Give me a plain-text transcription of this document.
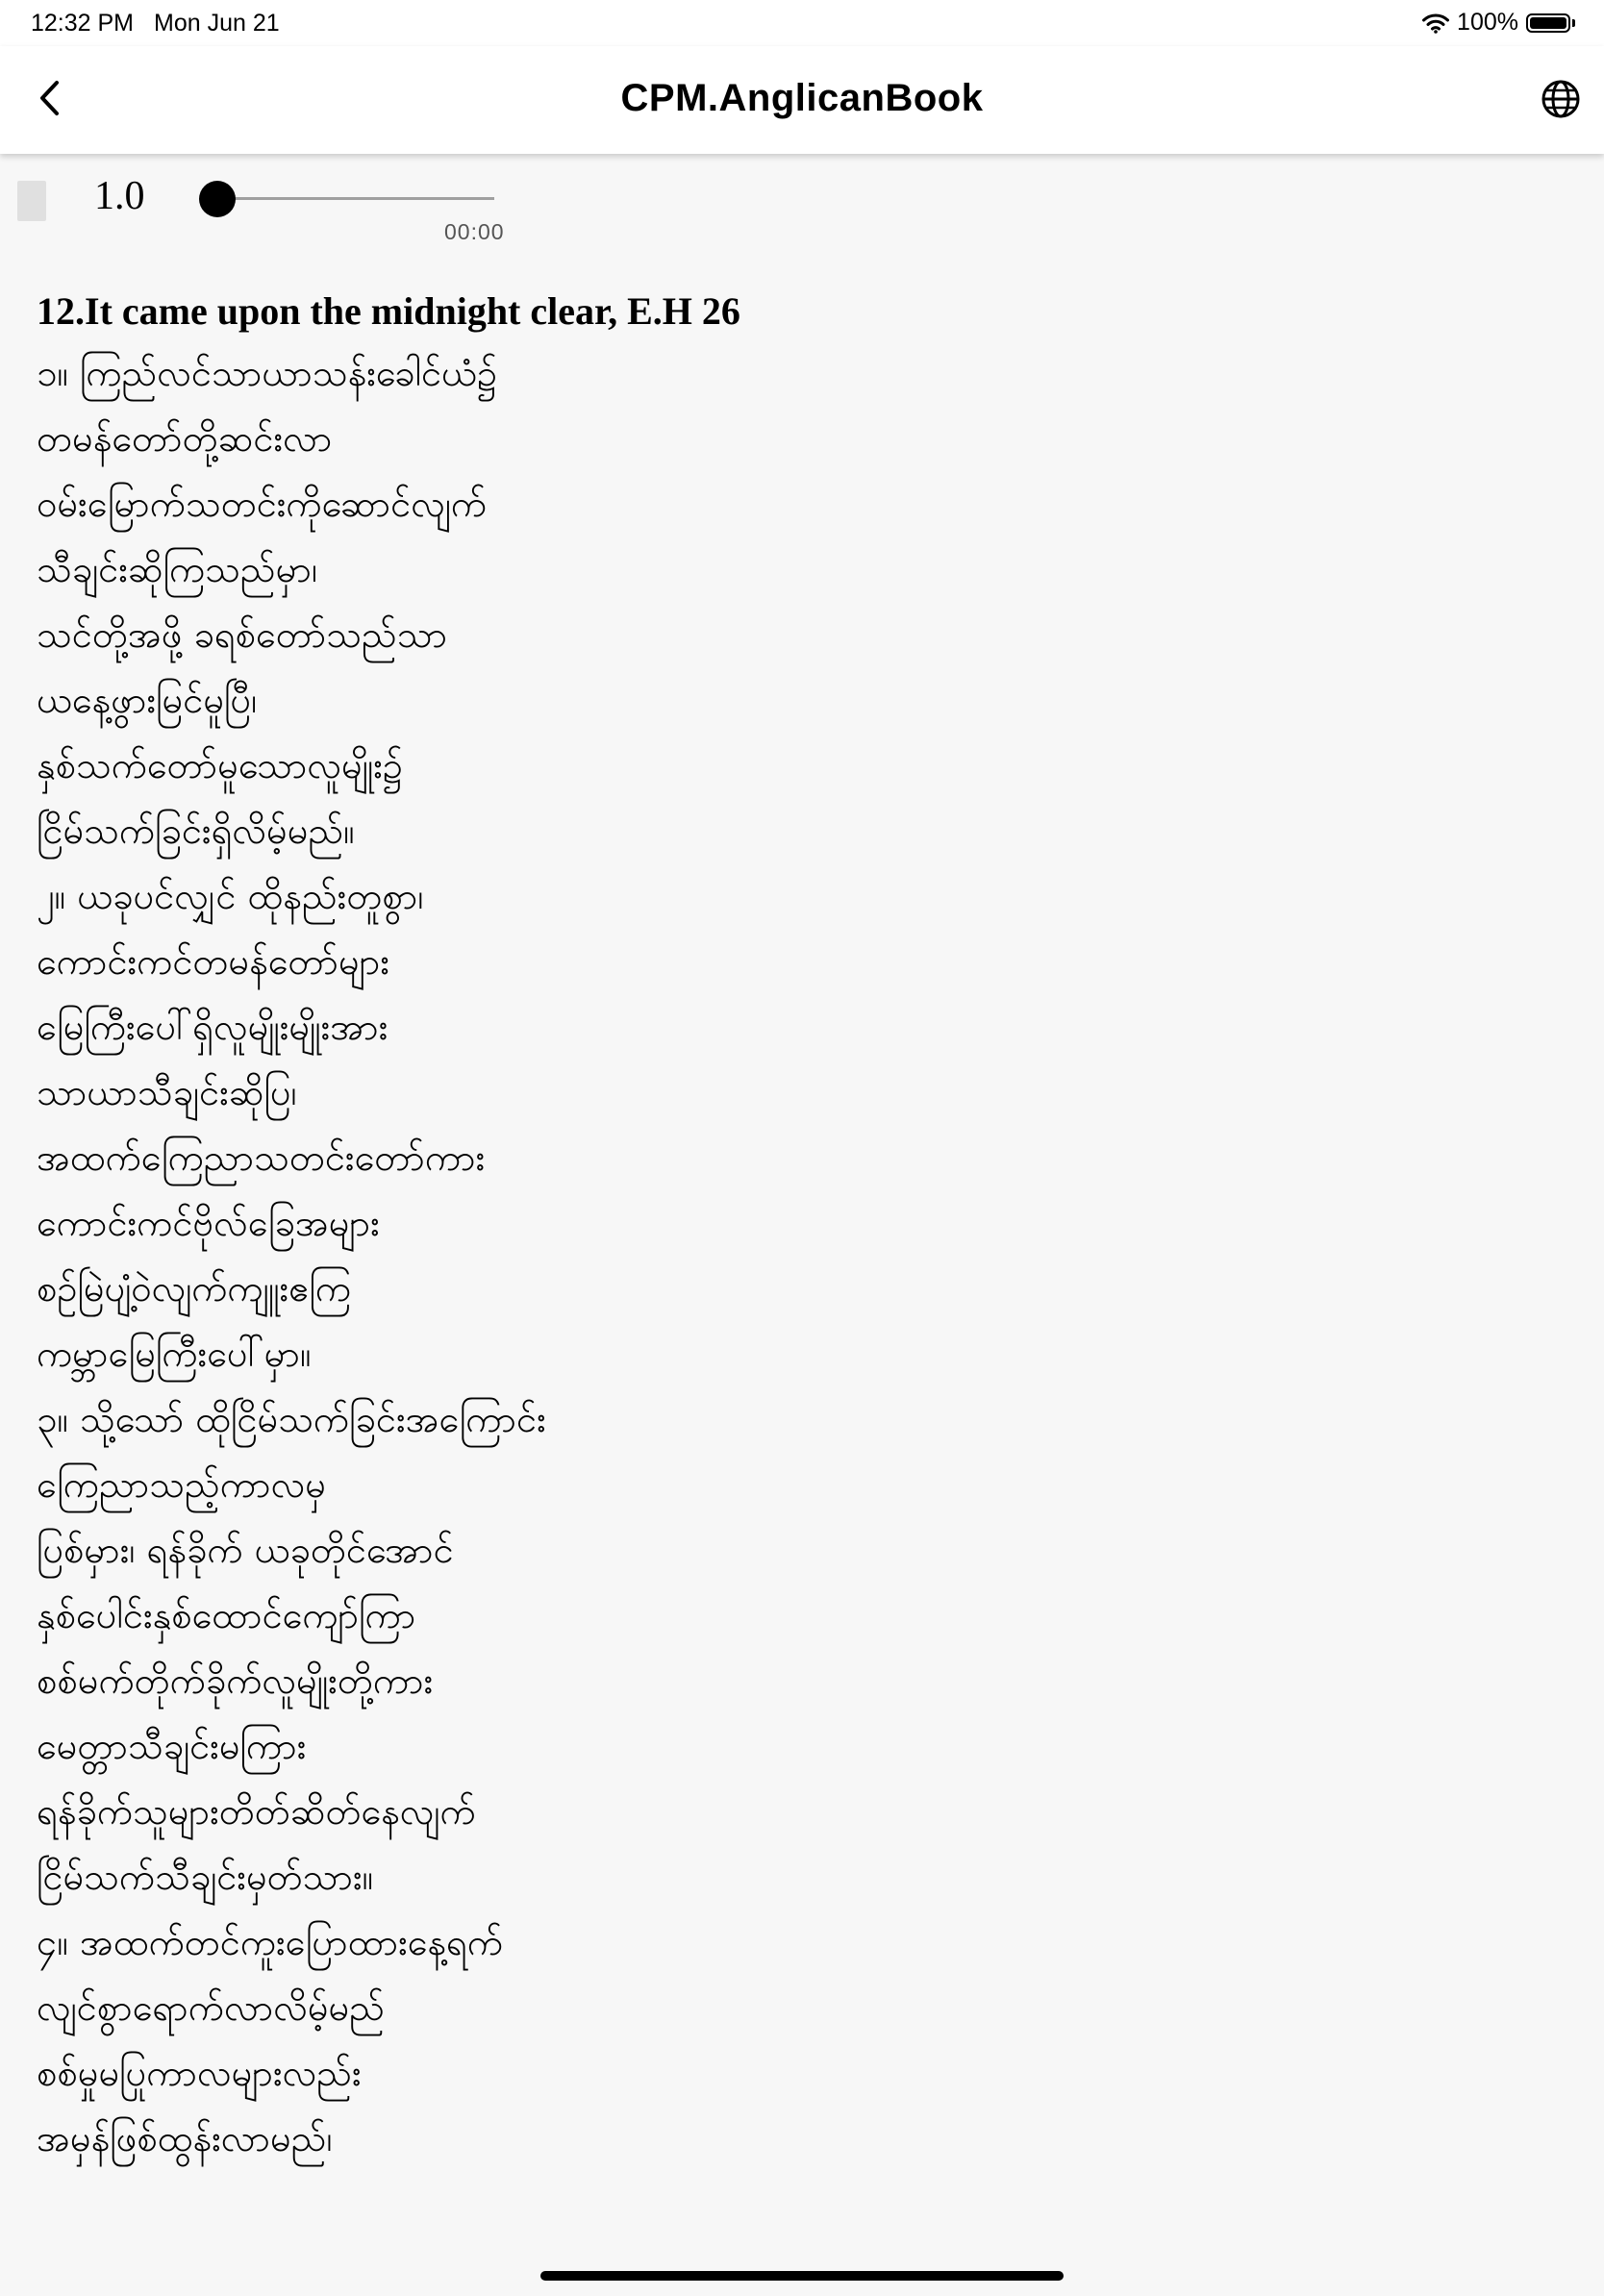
12:32 PM Mon Jun 21	100%
CPM.AnglicanBook
1.0
00:00
12.It came upon the midnight clear, E.H 26
၁။ ကြည်လင်သာယာသန်းခေါင်ယံ၌
တမန်တော်တို့ဆင်းလာ
ဝမ်းမြောက်သတင်းကိုဆောင်လျက်
သီချင်းဆိုကြသည်မှာ၊
သင်တို့အဖို့ ခရစ်တော်သည်သာ
ယနေ့ဖွားမြင်မူပြီ၊
နှစ်သက်တော်မူသောလူမျိုး၌
ငြိမ်သက်ခြင်းရှိလိမ့်မည်။
၂။ ယခုပင်လျှင် ထိုနည်းတူစွာ၊
ကောင်းကင်တမန်တော်များ
မြေကြီးပေါ်ရှိလူမျိုးမျိုးအား
သာယာသီချင်းဆိုပြ၊
အထက်ကြေညာသတင်းတော်ကား
ကောင်းကင်ဗိုလ်ခြေအများ
စဉ်မြဲပျံ့ဝဲလျက်ကျူးဧကြ
ကမ္ဘာမြေကြီးပေါ်မှာ။
၃။ သို့သော် ထိုငြိမ်သက်ခြင်းအကြောင်း
ကြေညာသည့်ကာလမှ
ပြစ်မှား၊ ရန်ခိုက် ယခုတိုင်အောင်
နှစ်ပေါင်းနှစ်ထောင်ကျော်ကြာ
စစ်မက်တိုက်ခိုက်လူမျိုးတို့ကား
မေတ္တာသီချင်းမကြား
ရန်ခိုက်သူများတိတ်ဆိတ်နေလျက်
ငြိမ်သက်သီချင်းမှတ်သား။
၄။ အထက်တင်ကူးပြောထားနေ့ရက်
လျင်စွာရောက်လာလိမ့်မည်
စစ်မှုမပြုကာလများလည်း
အမှန်ဖြစ်ထွန်းလာမည်၊
